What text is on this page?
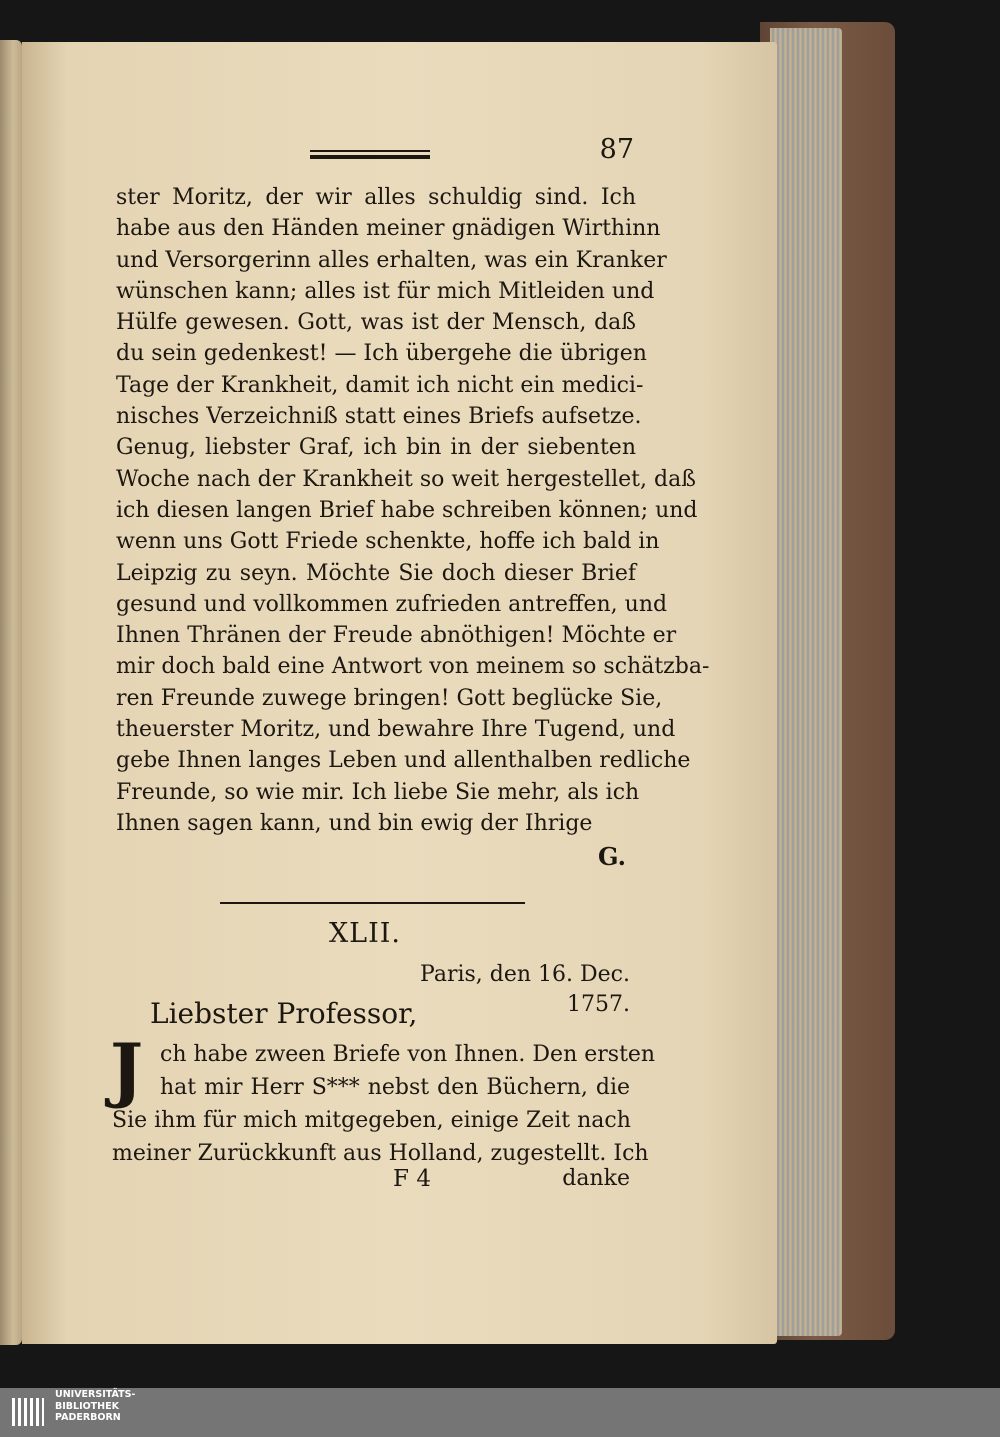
87
ster Moritz, der wir alles schuldig sind. Ich
habe aus den Händen meiner gnädigen Wirthinn
und Versorgerinn alles erhalten, was ein Kranker
wünschen kann; alles ist für mich Mitleiden und
Hülfe gewesen. Gott, was ist der Mensch, daß
du sein gedenkest! — Ich übergehe die übrigen
Tage der Krankheit, damit ich nicht ein medici-
nisches Verzeichniß statt eines Briefs aufsetze.
Genug, liebster Graf, ich bin in der siebenten
Woche nach der Krankheit so weit hergestellet, daß
ich diesen langen Brief habe schreiben können; und
wenn uns Gott Friede schenkte, hoffe ich bald in
Leipzig zu seyn. Möchte Sie doch dieser Brief
gesund und vollkommen zufrieden antreffen, und
Ihnen Thränen der Freude abnöthigen! Möchte er
mir doch bald eine Antwort von meinem so schätzba-
ren Freunde zuwege bringen! Gott beglücke Sie,
theuerster Moritz, und bewahre Ihre Tugend, und
gebe Ihnen langes Leben und allenthalben redliche
Freunde, so wie mir. Ich liebe Sie mehr, als ich
Ihnen sagen kann, und bin ewig der Ihrige
G.
XLII.
Paris, den 16. Dec. 1757.
Liebster Professor,
J ch habe zween Briefe von Ihnen. Den ersten
hat mir Herr S*** nebst den Büchern, die
Sie ihm für mich mitgegeben, einige Zeit nach
meiner Zurückkunft aus Holland, zugestellt. Ich
F 4	danke
UNIVERSITÄTS-
BIBLIOTHEK
PADERBORN
